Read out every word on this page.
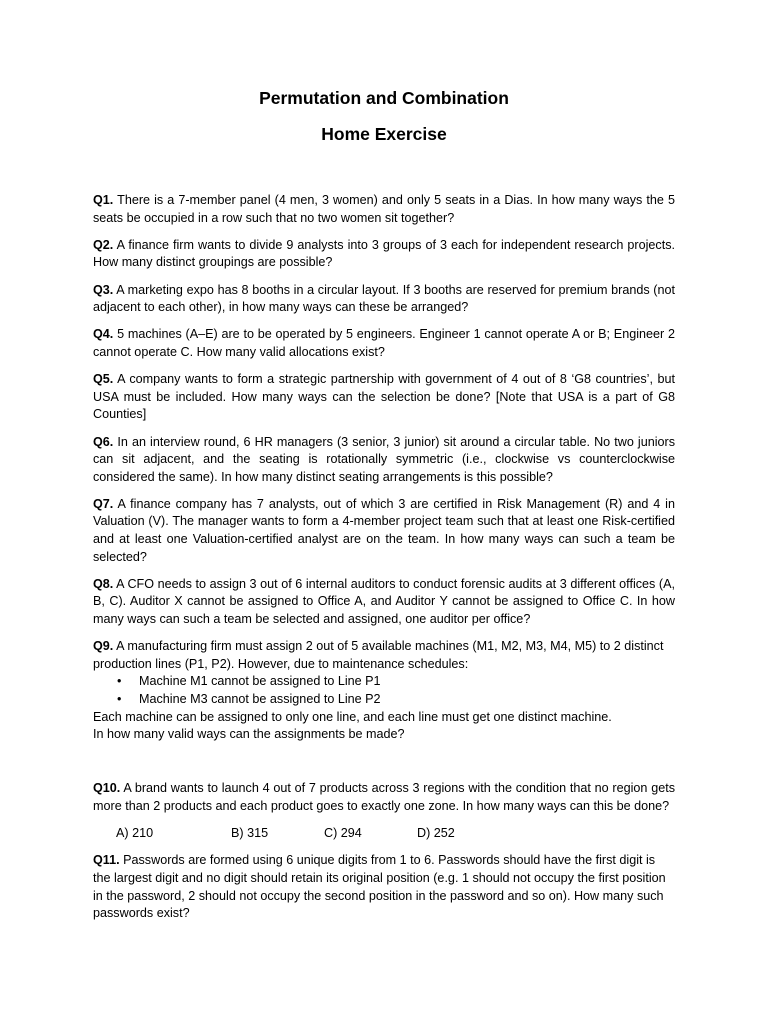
Permutation and Combination
Home Exercise

Q1. There is a 7-member panel (4 men, 3 women) and only 5 seats in a Dias. In how many ways the 5 seats be occupied in a row such that no two women sit together?

Q2. A finance firm wants to divide 9 analysts into 3 groups of 3 each for independent research projects. How many distinct groupings are possible?

Q3. A marketing expo has 8 booths in a circular layout. If 3 booths are reserved for premium brands (not adjacent to each other), in how many ways can these be arranged?

Q4. 5 machines (A–E) are to be operated by 5 engineers. Engineer 1 cannot operate A or B; Engineer 2 cannot operate C. How many valid allocations exist?

Q5. A company wants to form a strategic partnership with government of 4 out of 8 ‘G8 countries’, but USA must be included. How many ways can the selection be done? [Note that USA is a part of G8 Counties]

Q6. In an interview round, 6 HR managers (3 senior, 3 junior) sit around a circular table. No two juniors can sit adjacent, and the seating is rotationally symmetric (i.e., clockwise vs counterclockwise considered the same). In how many distinct seating arrangements is this possible?

Q7. A finance company has 7 analysts, out of which 3 are certified in Risk Management (R) and 4 in Valuation (V). The manager wants to form a 4-member project team such that at least one Risk-certified and at least one Valuation-certified analyst are on the team. In how many ways can such a team be selected?

Q8. A CFO needs to assign 3 out of 6 internal auditors to conduct forensic audits at 3 different offices (A, B, C). Auditor X cannot be assigned to Office A, and Auditor Y cannot be assigned to Office C. In how many ways can such a team be selected and assigned, one auditor per office?

Q9. A manufacturing firm must assign 2 out of 5 available machines (M1, M2, M3, M4, M5) to 2 distinct production lines (P1, P2). However, due to maintenance schedules:
• Machine M1 cannot be assigned to Line P1
• Machine M3 cannot be assigned to Line P2
Each machine can be assigned to only one line, and each line must get one distinct machine.
In how many valid ways can the assignments be made?

Q10. A brand wants to launch 4 out of 7 products across 3 regions with the condition that no region gets more than 2 products and each product goes to exactly one zone. In how many ways can this be done?

A) 210	B) 315	C) 294	D) 252

Q11. Passwords are formed using 6 unique digits from 1 to 6. Passwords should have the first digit is the largest digit and no digit should retain its original position (e.g. 1 should not occupy the first position in the password, 2 should not occupy the second position in the password and so on). How many such passwords exist?
